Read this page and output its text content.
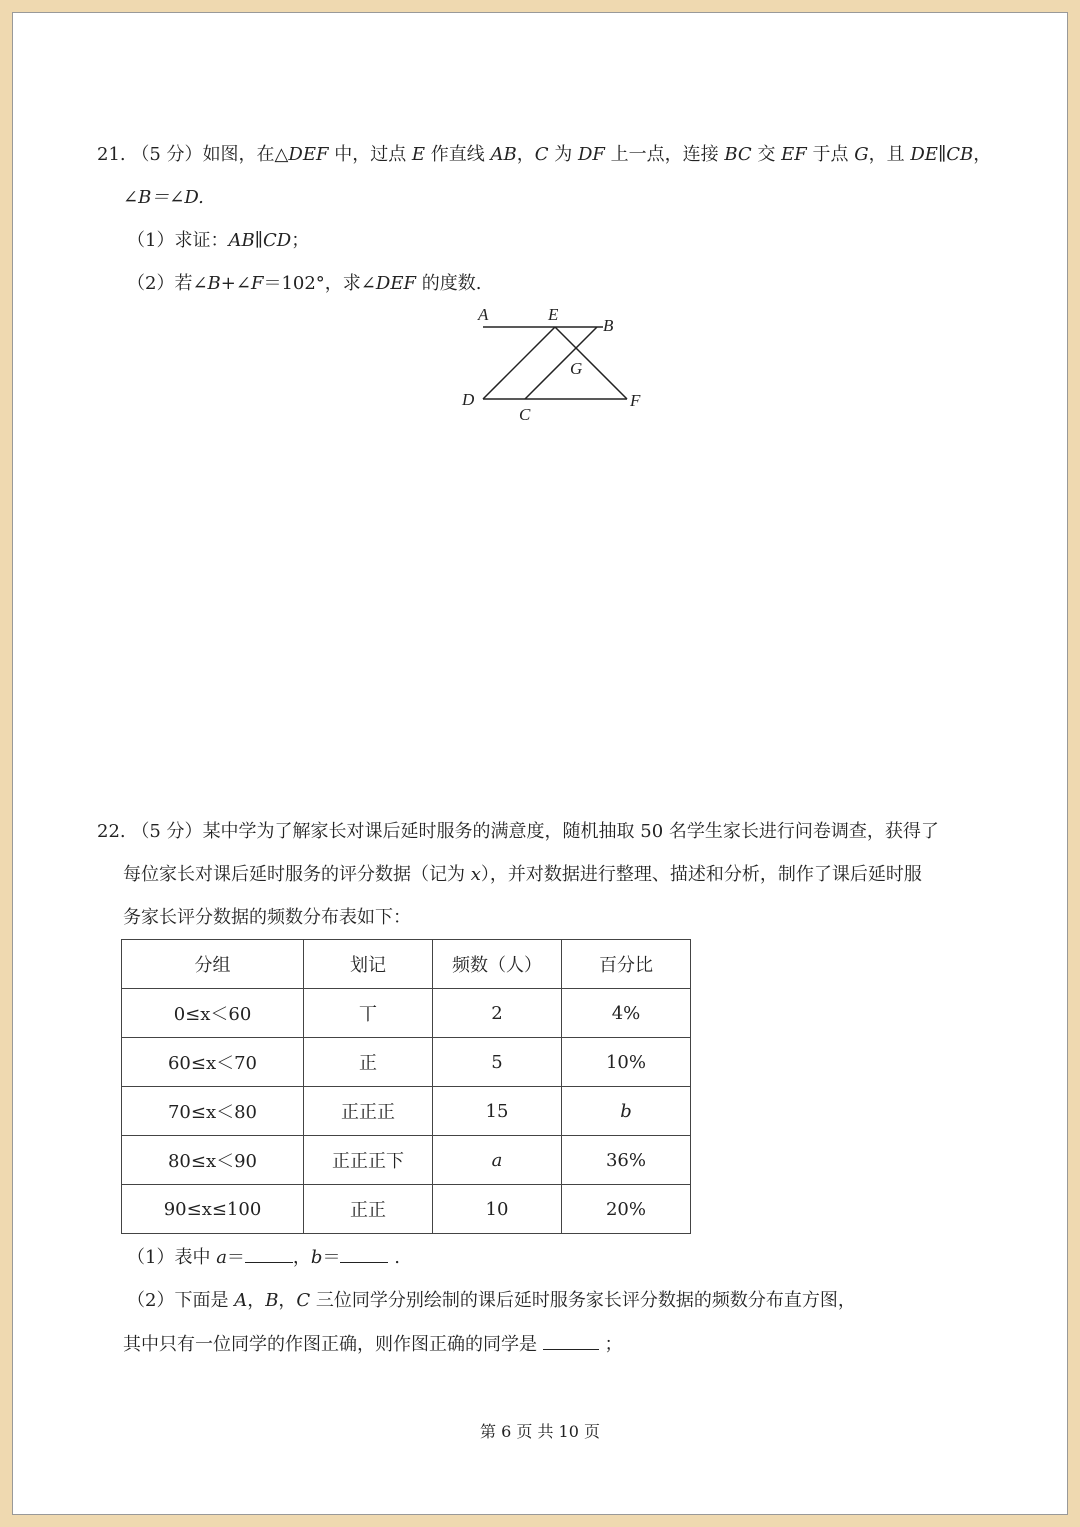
21. （5 分）如图，在△DEF 中，过点 E 作直线 AB，C 为 DF 上一点，连接 BC 交 EF 于点 G，且 DE∥CB，
∠B＝∠D.
（1）求证：AB∥CD；
（2）若∠B+∠F＝102°，求∠DEF 的度数.
A	E
B
G
D
C
F
22. （5 分）某中学为了解家长对课后延时服务的满意度，随机抽取 50 名学生家长进行问卷调查，获得了
每位家长对课后延时服务的评分数据（记为 x），并对数据进行整理、描述和分析，制作了课后延时服
务家长评分数据的频数分布表如下：
分组	划记	频数（人）	百分比
0≤x＜60	丅	2	4%
60≤x＜70	正	5	10%
70≤x＜80	正正正	15	b
80≤x＜90	正正正下	a	36%
90≤x≤100	正正	10	20%
（1）表中 a＝	，b＝	.
（2）下面是 A，B，C 三位同学分别绘制的课后延时服务家长评分数据的频数分布直方图，
其中只有一位同学的作图正确，则作图正确的同学是	；
第 6 页 共 10 页
